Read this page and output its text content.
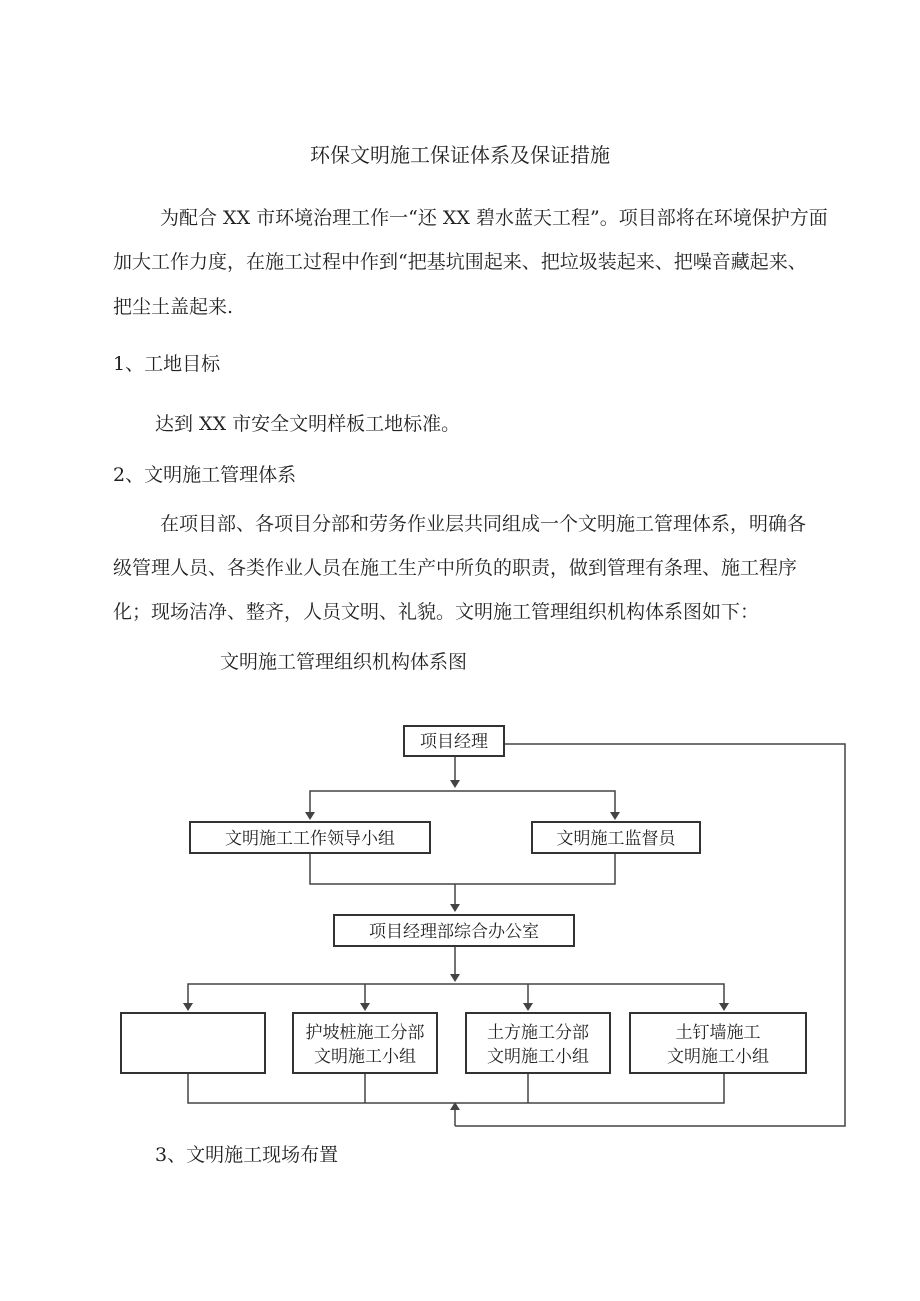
环保文明施工保证体系及保证措施
为配合 XX 市环境治理工作一“还 XX 碧水蓝天工程”。项目部将在环境保护方面
加大工作力度，在施工过程中作到“把基坑围起来、把垃圾装起来、把噪音藏起来、
把尘土盖起来.
1、工地目标
达到 XX 市安全文明样板工地标准。
2、文明施工管理体系
在项目部、各项目分部和劳务作业层共同组成一个文明施工管理体系，明确各
级管理人员、各类作业人员在施工生产中所负的职责，做到管理有条理、施工程序
化；现场洁净、整齐，人员文明、礼貌。文明施工管理组织机构体系图如下：
文明施工管理组织机构体系图
项目经理
文明施工工作领导小组	文明施工监督员
项目经理部综合办公室
护坡桩施工分部
文明施工小组
土方施工分部
文明施工小组
土钉墙施工
文明施工小组
3、文明施工现场布置
